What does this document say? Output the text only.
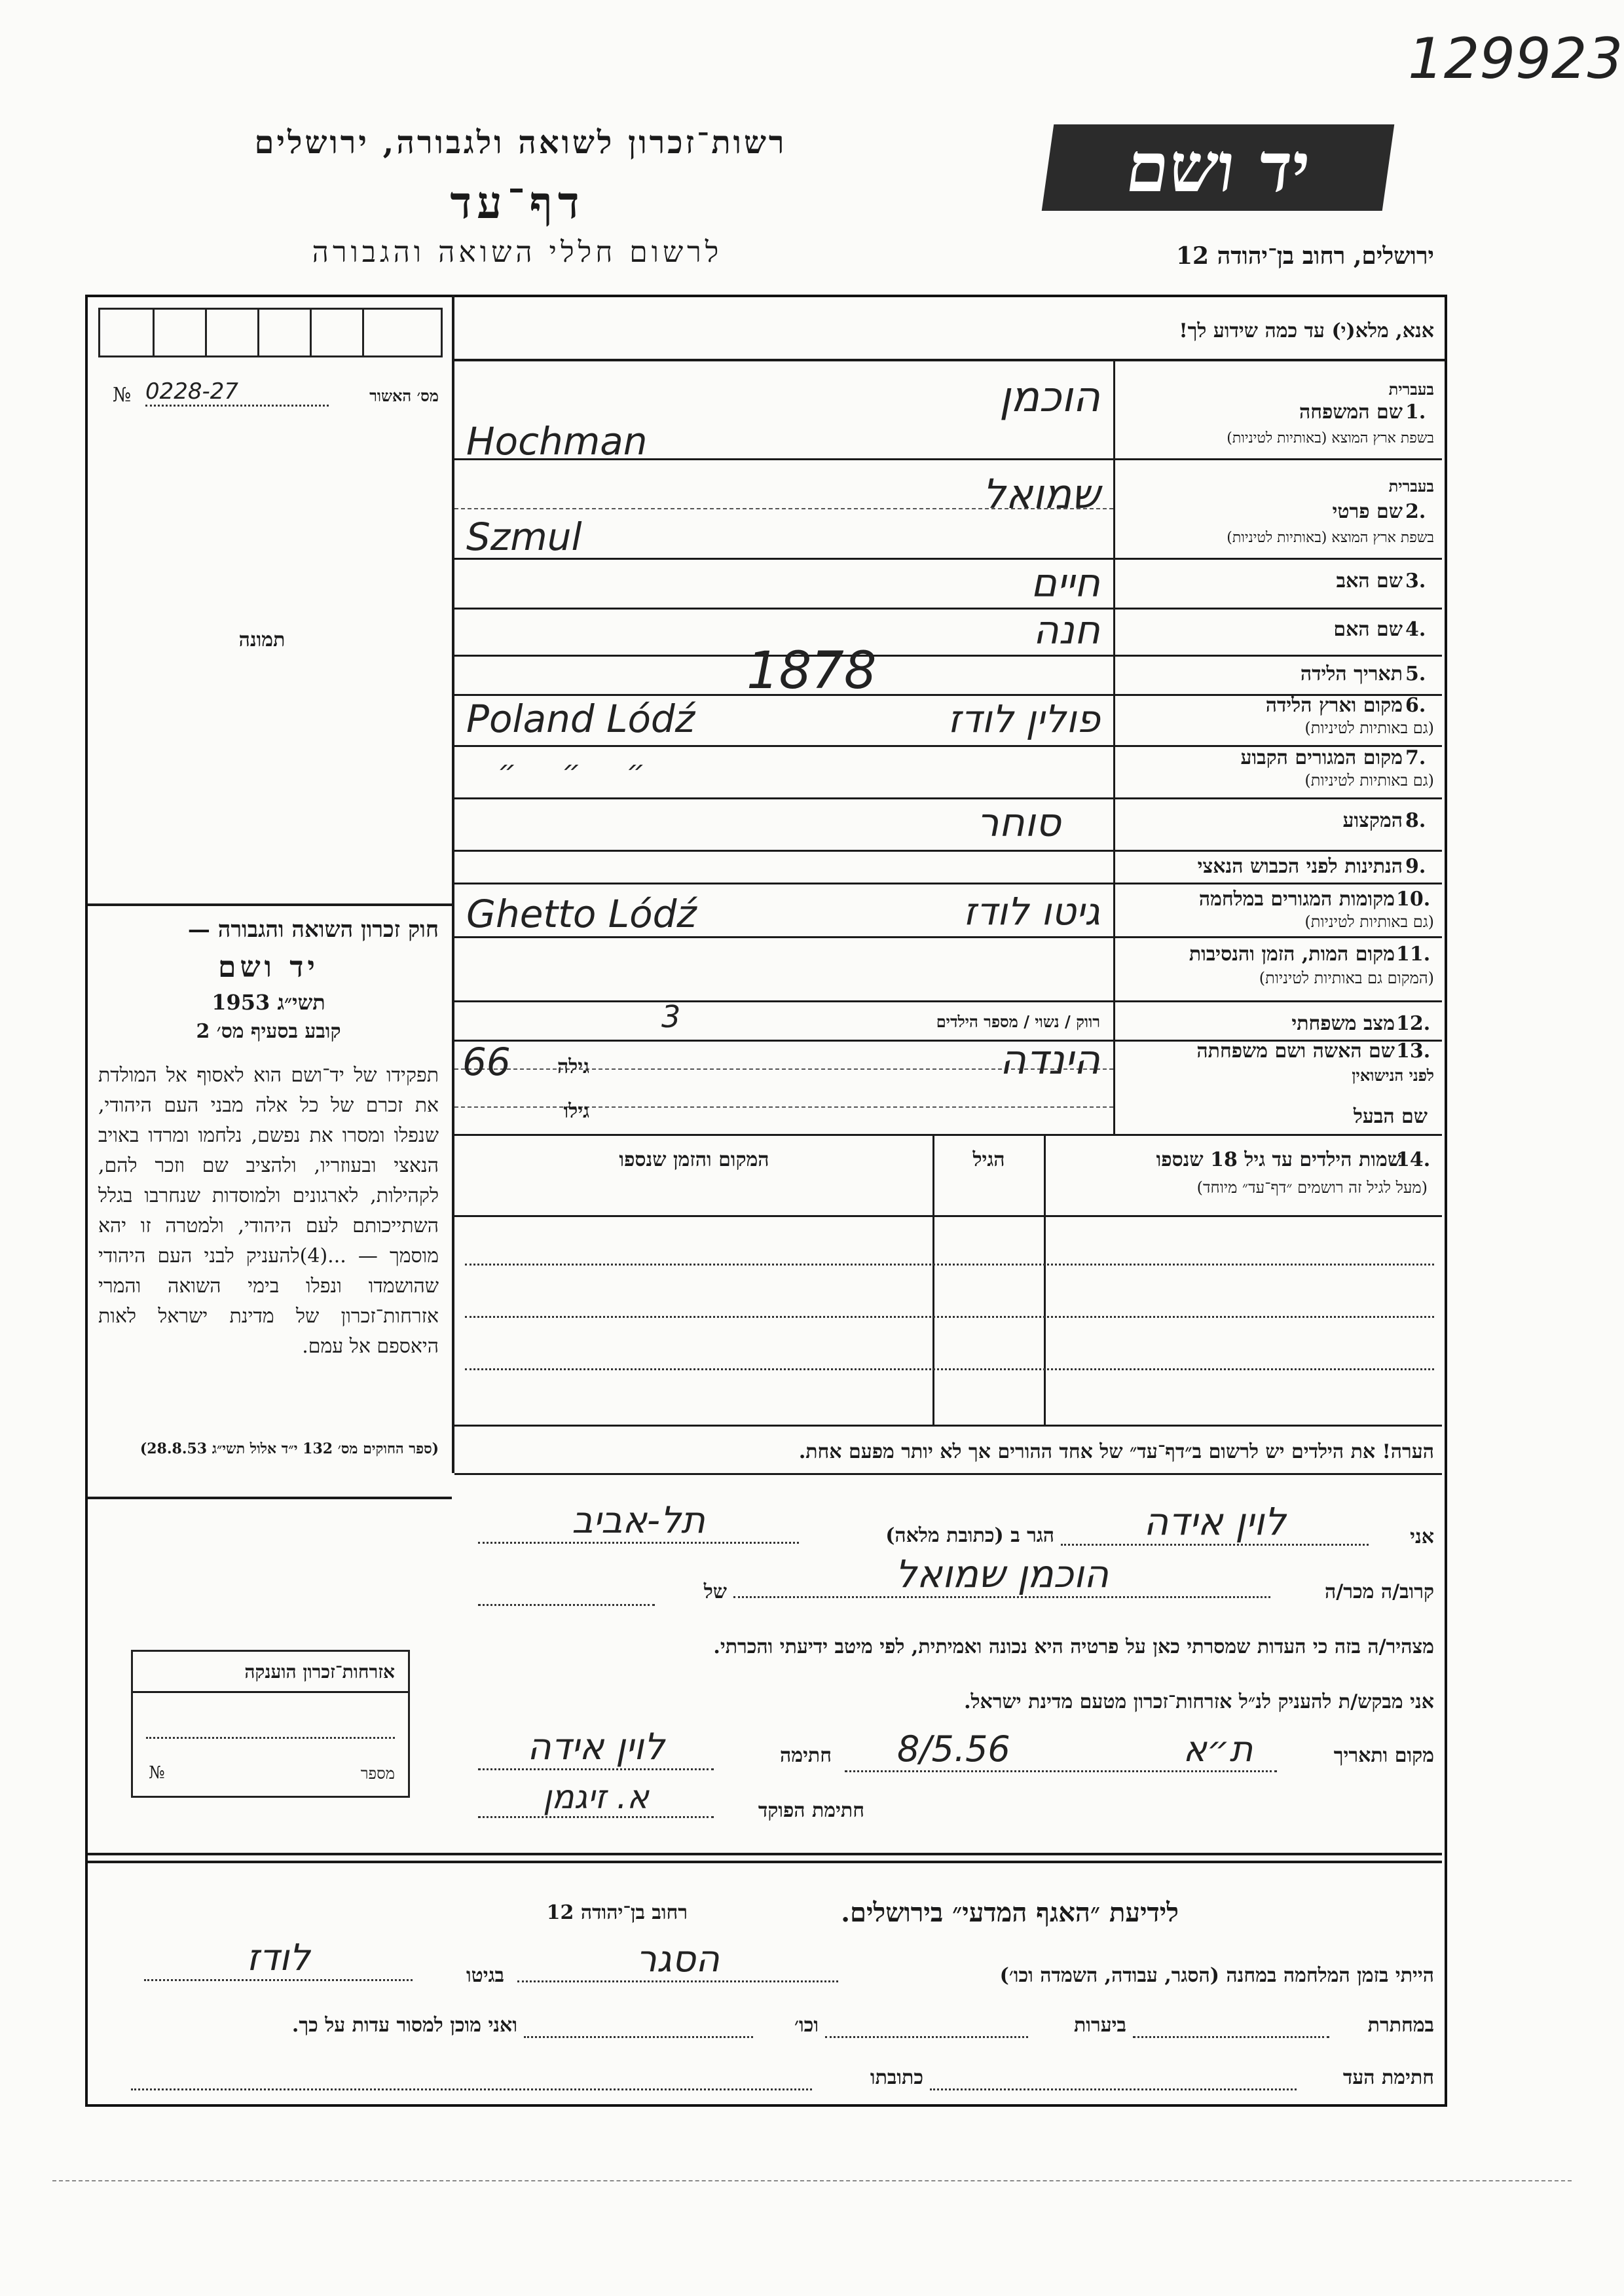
129923
רשות־זכרון לשואה ולגבורה, ירושלים
דף־עד
לרשום חללי השואה והגבורה
יד ושם
ירושלים, רחוב בן־יהודה 12
אנא, מלא(י) עד כמה שידוע לך!
מס׳ האשור
№ 0228-27
תמונה
בעברית
שם המשפחה 1.
בשפת ארץ המוצא (באותיות לטיניות)
הוכמן
Hochman
בעברית
שם פרטי 2.
בשפת ארץ המוצא (באותיות לטיניות)
שמואל
Szmul
שם האב 3.
חיים
שם האם 4.
חנה
תאריך הלידה 5.
1878
מקום וארץ הלידה 6.
(גם באותיות לטיניות)
פולין לודז
Poland Lódź
מקום המגורים הקבוע 7.
(גם באותיות לטיניות)
״     ״     ״
המקצוע 8.
סוחר
הנתינות לפני הכבוש הנאצי 9.
מקומות המגורים במלחמה 10.
(גם באותיות לטיניות)
גיטו לודז
Ghetto Lódź
מקום המות, הזמן והנסיבות 11.
(המקום גם באותיות לטיניות)
מצב משפחתי 12.
רווק / נשוי / מספר הילדים
3
שם האשה ושם משפחתה 13.
לפני הנישואין
הינדה
גילה
66
שם הבעל
גילו
שמות הילדים עד גיל 18 שנספו
14.
(מעל לגיל זה רושמים ״דף־עד״ מיוחד)
הגיל
המקום והזמן שנספו
הערה! את הילדים יש לרשום ב״דף־עד״ של אחד ההורים אך לא יותר מפעם אחת.
חוק זכרון השואה והגבורה —
יד ושם
תשי״ג 1953
קובע בסעיף מס׳ 2
תפקידו של יד־ושם הוא לאסוף אל המולדת את זכרם של כל אלה מבני העם היהודי, שנפלו ומסרו את נפשם, נלחמו ומרדו באויב הנאצי ובעוזריו, ולהציב שם וזכר להם, לקהילות, לארגונים ולמוסדות שנחרבו בגלל השתייכותם לעם היהודי, ולמטרה זו יהא מוסמך — ...(4)להעניק לבני העם היהודי שהושמדו ונפלו בימי השואה והמרי אזרחות־זכרון של מדינת ישראל לאות היאספם אל עמם.
(ספר החוקים מס׳ 132 י״ד אלול תשי״ג 28.8.53)
אזרחות־זכרון הוענקה
מספר
№
אני
לוין אידה
הגר ב (כתובת מלאה)
תל-אביב
קרוב/ה מכר/ה
הוכמן שמואל
של
מצהיר/ה בזה כי העדות שמסרתי כאן על פרטיה היא נכונה ואמיתית, לפי מיטב ידיעתי והכרתי.
אני מבקש/ת להעניק לנ״ל אזרחות־זכרון מטעם מדינת ישראל.
מקום ותאריך
ת״א
8/5.56
חתימה
לוין אידה
חתימת הפוקד
א. זיגמן
לידיעת ״האגף המדעי״ בירושלים.
רחוב בן־יהודה 12
הייתי בזמן המלחמה במחנה (הסגר, עבודה, השמדה וכו׳)
הסגר
בגיטו
לודז
במחתרת
ביערות
וכו׳
ואני מוכן למסור עדות על כך.
חתימת העד
כתובתו
